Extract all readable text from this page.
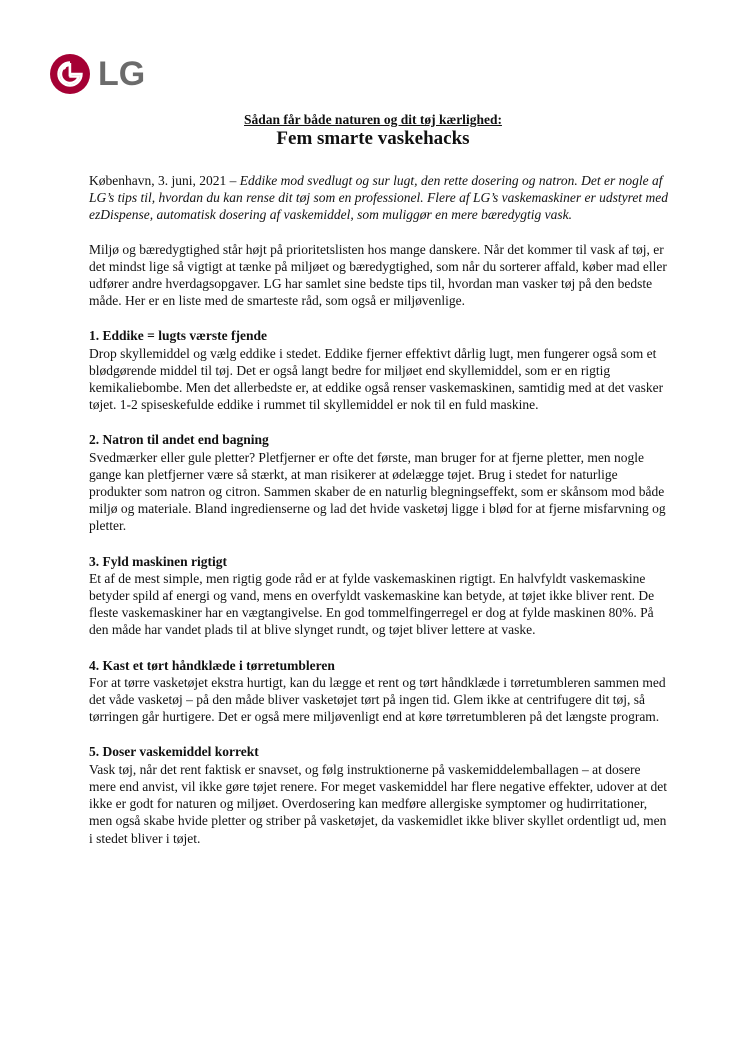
LG
Sådan får både naturen og dit tøj kærlighed:
Fem smarte vaskehacks

København, 3. juni, 2021 – Eddike mod svedlugt og sur lugt, den rette dosering og natron. Det er nogle af LG’s tips til, hvordan du kan rense dit tøj som en professionel. Flere af LG’s vaskemaskiner er udstyret med ezDispense, automatisk dosering af vaskemiddel, som muliggør en mere bæredygtig vask.

Miljø og bæredygtighed står højt på prioritetslisten hos mange danskere. Når det kommer til vask af tøj, er det mindst lige så vigtigt at tænke på miljøet og bæredygtighed, som når du sorterer affald, køber mad eller udfører andre hverdagsopgaver. LG har samlet sine bedste tips til, hvordan man vasker tøj på den bedste måde. Her er en liste med de smarteste råd, som også er miljøvenlige.

1. Eddike = lugts værste fjende

Drop skyllemiddel og vælg eddike i stedet. Eddike fjerner effektivt dårlig lugt, men fungerer også som et blødgørende middel til tøj. Det er også langt bedre for miljøet end skyllemiddel, som er en rigtig kemikaliebombe. Men det allerbedste er, at eddike også renser vaskemaskinen, samtidig med at det vasker tøjet. 1-2 spiseskefulde eddike i rummet til skyllemiddel er nok til en fuld maskine.

2. Natron til andet end bagning

Svedmærker eller gule pletter? Pletfjerner er ofte det første, man bruger for at fjerne pletter, men nogle gange kan pletfjerner være så stærkt, at man risikerer at ødelægge tøjet. Brug i stedet for naturlige produkter som natron og citron. Sammen skaber de en naturlig blegningseffekt, som er skånsom mod både miljø og materiale. Bland ingredienserne og lad det hvide vasketøj ligge i blød for at fjerne misfarvning og pletter.

3. Fyld maskinen rigtigt

Et af de mest simple, men rigtig gode råd er at fylde vaskemaskinen rigtigt. En halvfyldt vaskemaskine betyder spild af energi og vand, mens en overfyldt vaskemaskine kan betyde, at tøjet ikke bliver rent. De fleste vaskemaskiner har en vægtangivelse. En god tommelfingerregel er dog at fylde maskinen 80%. På den måde har vandet plads til at blive slynget rundt, og tøjet bliver lettere at vaske.

4. Kast et tørt håndklæde i tørretumbleren

For at tørre vasketøjet ekstra hurtigt, kan du lægge et rent og tørt håndklæde i tørretumbleren sammen med det våde vasketøj – på den måde bliver vasketøjet tørt på ingen tid. Glem ikke at centrifugere dit tøj, så tørringen går hurtigere. Det er også mere miljøvenligt end at køre tørretumbleren på det længste program.

5. Doser vaskemiddel korrekt

Vask tøj, når det rent faktisk er snavset, og følg instruktionerne på vaskemiddelemballagen – at dosere mere end anvist, vil ikke gøre tøjet renere. For meget vaskemiddel har flere negative effekter, udover at det ikke er godt for naturen og miljøet. Overdosering kan medføre allergiske symptomer og hudirritationer, men også skabe hvide pletter og striber på vasketøjet, da vaskemidlet ikke bliver skyllet ordentligt ud, men i stedet bliver i tøjet.
